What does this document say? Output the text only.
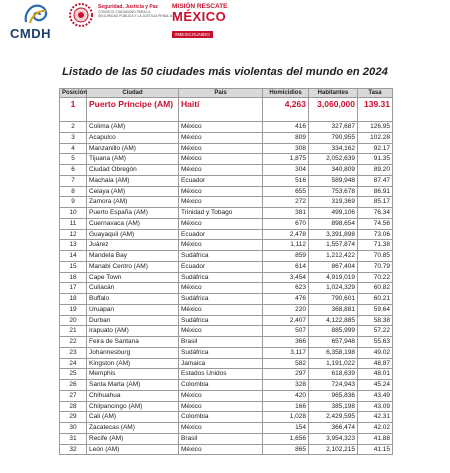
CMDH
Seguridad, Justicia y Paz
CONSEJO CIUDADANO PARA LA
SEGURIDAD PÚBLICA Y LA JUSTICIA PENAL A.C.
MISIÓN RESCATE
MÉXICO
#MEXICOUNIDO
Listado de las 50 ciudades más violentas del mundo en 2024
Posición	Ciudad	País	Homicidios	Habitantes	Tasa
1	Puerto Príncipe (AM)	Haití	4,263	3,060,000	139.31
2	Colima (AM)	México	416	327,687	126.95
3	Acapulco	México	809	790,955	102.28
4	Manzanillo (AM)	México	308	334,162	92.17
5	Tijuana (AM)	México	1,875	2,052,639	91.35
6	Ciudad Obregón	México	304	340,809	89.20
7	Machala (AM)	Ecuador	516	589,948	87.47
8	Celaya (AM)	México	655	753,678	86.91
9	Zamora (AM)	México	272	319,369	85.17
10	Puerto España (AM)	Trinidad y Tobago	381	499,106	76.34
11	Cuernavaca (AM)	México	670	898,654	74.56
12	Guayaquil (AM)	Ecuador	2,478	3,391,898	73.06
13	Juárez	México	1,112	1,557,874	71.38
14	Mandela Bay	Sudáfrica	859	1,212,422	70.85
15	Manabí Centro (AM)	Ecuador	614	867,404	70.79
16	Cape Town	Sudáfrica	3,454	4,919,019	70.22
17	Culiacán	México	623	1,024,329	60.82
18	Buffalo	Sudáfrica	476	790,601	60.21
19	Uruapan	México	220	368,881	59.64
20	Durban	Sudáfrica	2,407	4,122,885	58.38
21	Irapuato (AM)	México	507	885,999	57.22
22	Feira de Santana	Brasil	366	657,948	55.63
23	Johannesburg	Sudáfrica	3,117	6,358,198	49.02
24	Kingston (AM)	Jamaica	582	1,191,022	48.87
25	Memphis	Estados Unidos	297	618,639	48.01
26	Santa Marta (AM)	Colombia	328	724,943	45.24
27	Chihuahua	México	420	965,836	43.49
28	Chilpancingo (AM)	México	166	385,198	43.09
29	Cali (AM)	Colombia	1,028	2,429,595	42.31
30	Zacatecas (AM)	México	154	366,474	42.02
31	Recife (AM)	Brasil	1,656	3,954,323	41.88
32	León (AM)	México	865	2,102,215	41.15
